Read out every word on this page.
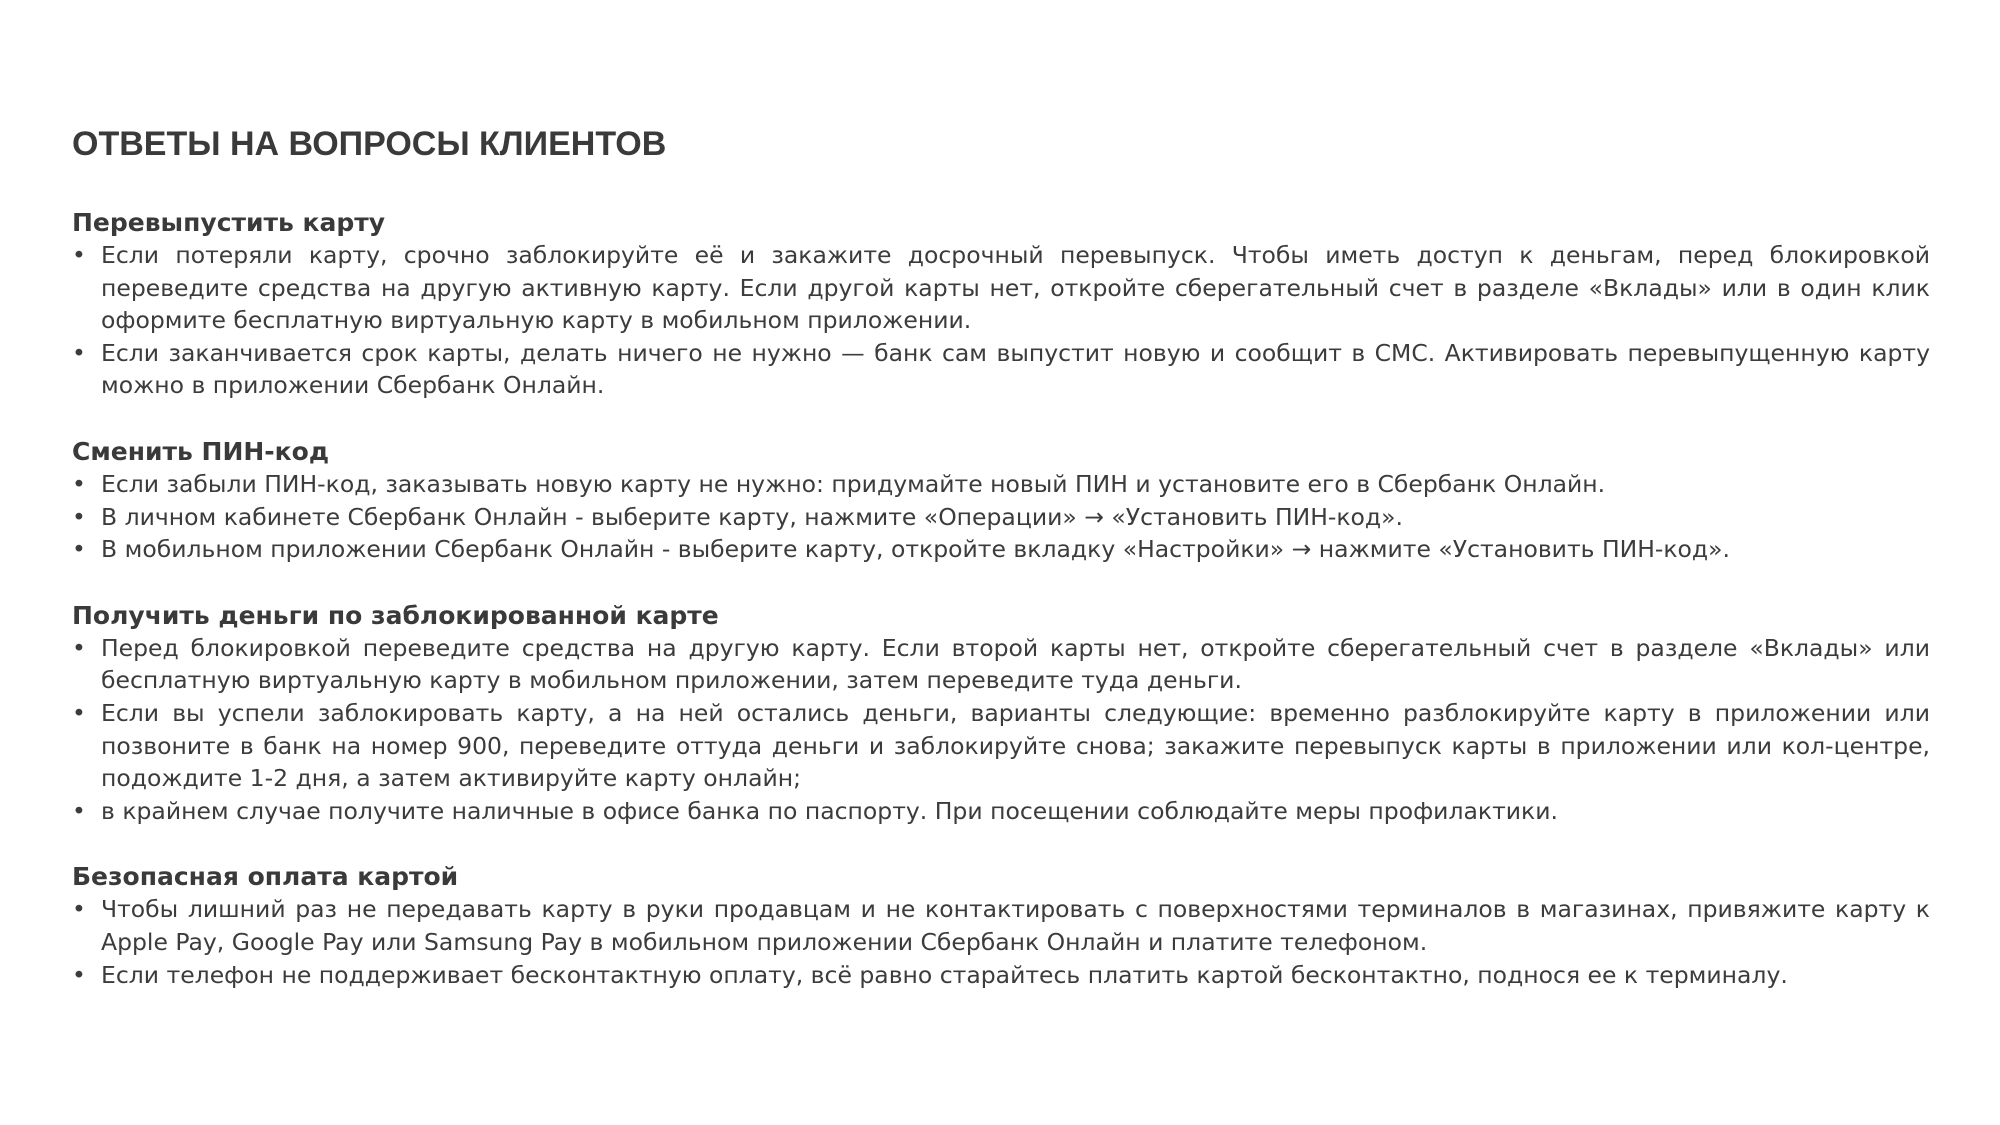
ОТВЕТЫ НА ВОПРОСЫ КЛИЕНТОВ
Перевыпустить карту
• Если потеряли карту, срочно заблокируйте её и закажите досрочный перевыпуск. Чтобы иметь доступ к деньгам, перед блокировкой переведите средства на другую активную карту. Если другой карты нет, откройте сберегательный счет в разделе «Вклады» или в один клик оформите бесплатную виртуальную карту в мобильном приложении.
• Если заканчивается срок карты, делать ничего не нужно — банк сам выпустит новую и сообщит в СМС. Активировать перевыпущенную карту можно в приложении Сбербанк Онлайн.
Сменить ПИН-код
• Если забыли ПИН-код, заказывать новую карту не нужно: придумайте новый ПИН и установите его в Сбербанк Онлайн.
• В личном кабинете Сбербанк Онлайн - выберите карту, нажмите «Операции» → «Установить ПИН-код».
• В мобильном приложении Сбербанк Онлайн - выберите карту, откройте вкладку «Настройки» → нажмите «Установить ПИН-код».
Получить деньги по заблокированной карте
• Перед блокировкой переведите средства на другую карту. Если второй карты нет, откройте сберегательный счет в разделе «Вклады» или бесплатную виртуальную карту в мобильном приложении, затем переведите туда деньги.
• Если вы успели заблокировать карту, а на ней остались деньги, варианты следующие: временно разблокируйте карту в приложении или позвоните в банк на номер 900, переведите оттуда деньги и заблокируйте снова; закажите перевыпуск карты в приложении или кол-центре, подождите 1-2 дня, а затем активируйте карту онлайн;
• в крайнем случае получите наличные в офисе банка по паспорту. При посещении соблюдайте меры профилактики.
Безопасная оплата картой
• Чтобы лишний раз не передавать карту в руки продавцам и не контактировать с поверхностями терминалов в магазинах, привяжите карту к Apple Pay, Google Pay или Samsung Pay в мобильном приложении Сбербанк Онлайн и платите телефоном.
• Если телефон не поддерживает бесконтактную оплату, всё равно старайтесь платить картой бесконтактно, поднося ее к терминалу.
